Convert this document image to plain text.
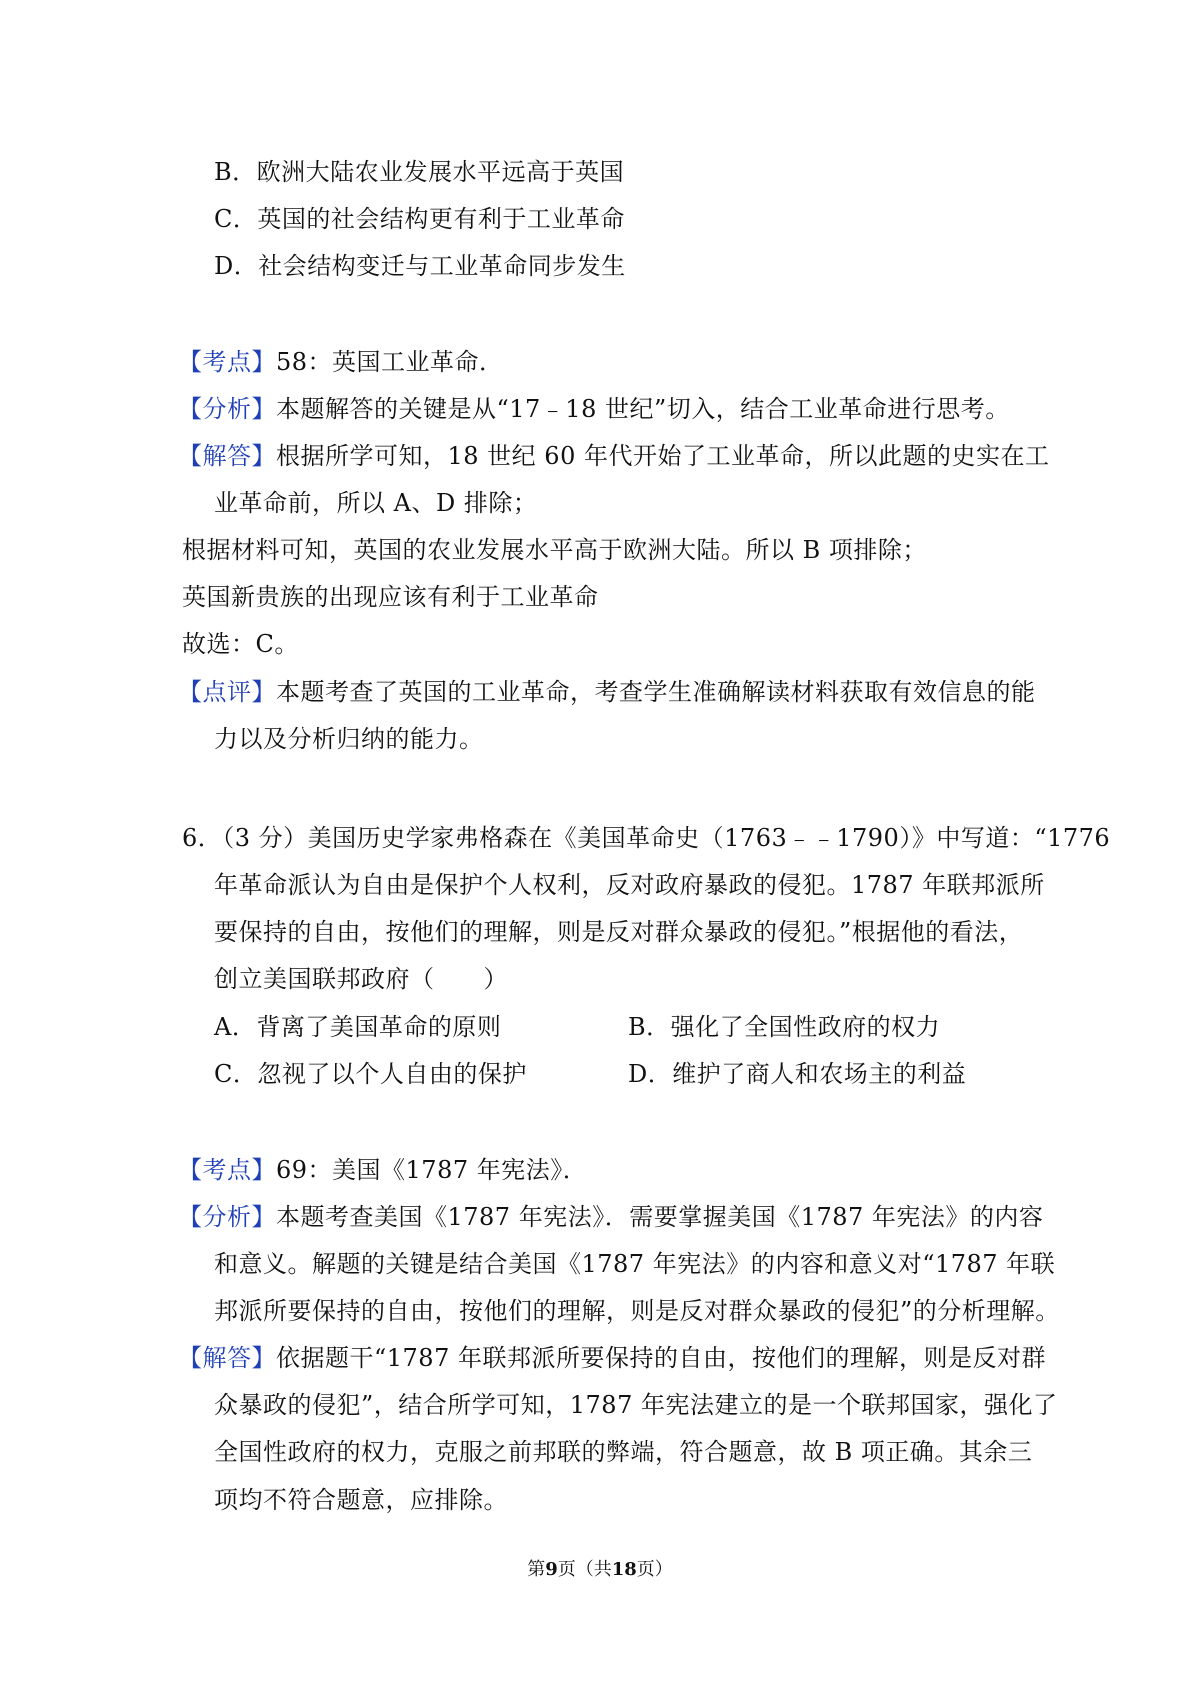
B．欧洲大陆农业发展水平远高于英国
C．英国的社会结构更有利于工业革命
D．社会结构变迁与工业革命同步发生
【考点】58：英国工业革命．
【分析】本题解答的关键是从“17﹣18 世纪”切入，结合工业革命进行思考。
【解答】根据所学可知，18 世纪 60 年代开始了工业革命，所以此题的史实在工
业革命前，所以 A、D 排除；
根据材料可知，英国的农业发展水平高于欧洲大陆。所以 B 项排除；
英国新贵族的出现应该有利于工业革命
故选：C。
【点评】本题考查了英国的工业革命，考查学生准确解读材料获取有效信息的能
力以及分析归纳的能力。
6．（3 分）美国历史学家弗格森在《美国革命史（1763﹣﹣1790）》中写道：“1776
年革命派认为自由是保护个人权利，反对政府暴政的侵犯。1787 年联邦派所
要保持的自由，按他们的理解，则是反对群众暴政的侵犯。”根据他的看法，
创立美国联邦政府（　　）
A．背离了美国革命的原则	B．强化了全国性政府的权力
C．忽视了以个人自由的保护	D．维护了商人和农场主的利益
【考点】69：美国《1787 年宪法》．
【分析】本题考查美国《1787 年宪法》．需要掌握美国《1787 年宪法》的内容
和意义。解题的关键是结合美国《1787 年宪法》的内容和意义对“1787 年联
邦派所要保持的自由，按他们的理解，则是反对群众暴政的侵犯”的分析理解。
【解答】依据题干“1787 年联邦派所要保持的自由，按他们的理解，则是反对群
众暴政的侵犯”，结合所学可知，1787 年宪法建立的是一个联邦国家，强化了
全国性政府的权力，克服之前邦联的弊端，符合题意，故 B 项正确。其余三
项均不符合题意，应排除。
第9页（共18页）
